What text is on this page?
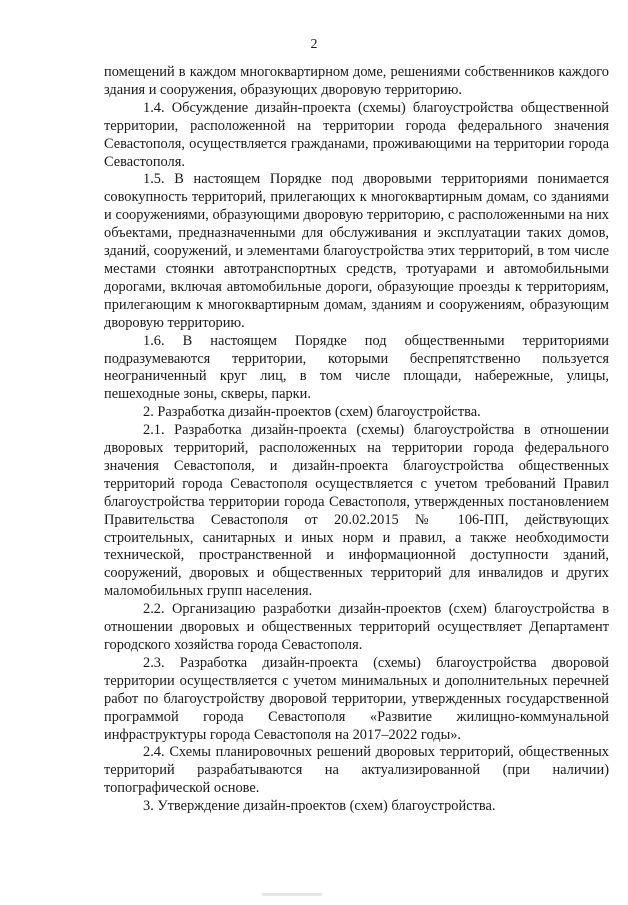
2

помещений в каждом многоквартирном доме, решениями собственников каждого здания и сооружения, образующих дворовую территорию.

1.4. Обсуждение дизайн-проекта (схемы) благоустройства общественной территории, расположенной на территории города федерального значения Севастополя, осуществляется гражданами, проживающими на территории города Севастополя.

1.5. В настоящем Порядке под дворовыми территориями понимается совокупность территорий, прилегающих к многоквартирным домам, со зданиями и сооружениями, образующими дворовую территорию, с расположенными на них объектами, предназначенными для обслуживания и эксплуатации таких домов, зданий, сооружений, и элементами благоустройства этих территорий, в том числе местами стоянки автотранспортных средств, тротуарами и автомобильными дорогами, включая автомобильные дороги, образующие проезды к территориям, прилегающим к многоквартирным домам, зданиям и сооружениям, образующим дворовую территорию.

1.6. В настоящем Порядке под общественными территориями подразумеваются территории, которыми беспрепятственно пользуется неограниченный круг лиц, в том числе площади, набережные, улицы, пешеходные зоны, скверы, парки.

2. Разработка дизайн-проектов (схем) благоустройства.

2.1. Разработка дизайн-проекта (схемы) благоустройства в отношении дворовых территорий, расположенных на территории города федерального значения Севастополя, и дизайн-проекта благоустройства общественных территорий города Севастополя осуществляется с учетом требований Правил благоустройства территории города Севастополя, утвержденных постановлением Правительства Севастополя от 20.02.2015 № 106-ПП, действующих строительных, санитарных и иных норм и правил, а также необходимости технической, пространственной и информационной доступности зданий, сооружений, дворовых и общественных территорий для инвалидов и других маломобильных групп населения.

2.2. Организацию разработки дизайн-проектов (схем) благоустройства в отношении дворовых и общественных территорий осуществляет Департамент городского хозяйства города Севастополя.

2.3. Разработка дизайн-проекта (схемы) благоустройства дворовой территории осуществляется с учетом минимальных и дополнительных перечней работ по благоустройству дворовой территории, утвержденных государственной программой города Севастополя «Развитие жилищно-коммунальной инфраструктуры города Севастополя на 2017–2022 годы».

2.4. Схемы планировочных решений дворовых территорий, общественных территорий разрабатываются на актуализированной (при наличии) топографической основе.

3. Утверждение дизайн-проектов (схем) благоустройства.
